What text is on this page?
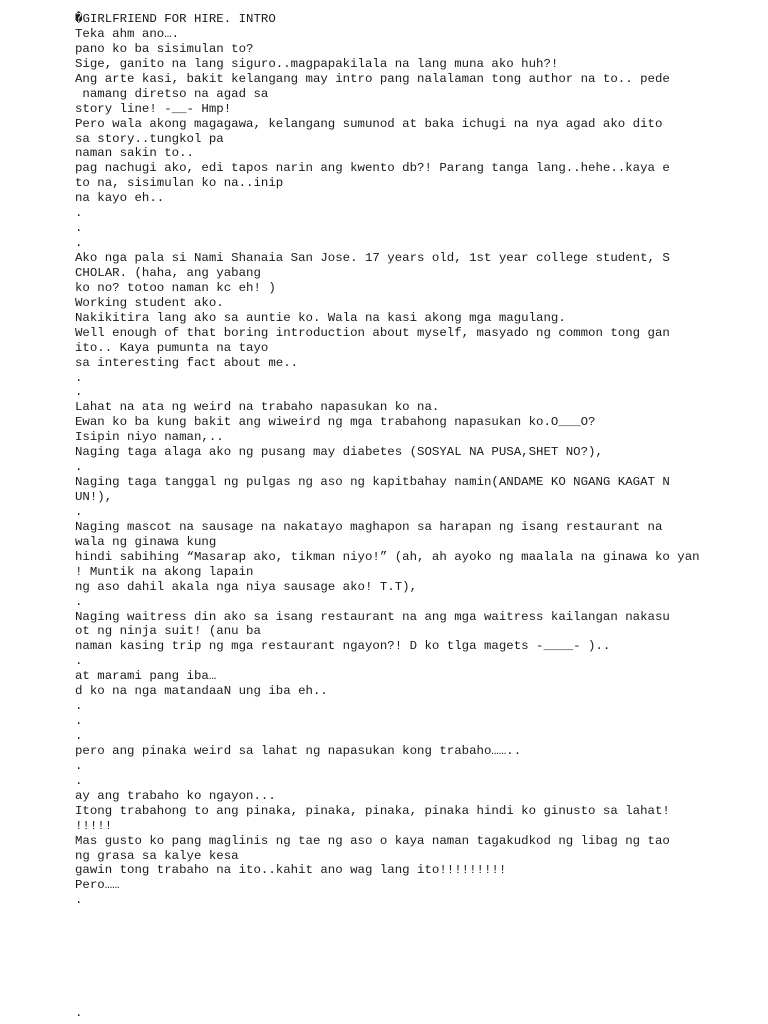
�GIRLFRIEND FOR HIRE. INTRO
Teka ahm ano….
pano ko ba sisimulan to?
Sige, ganito na lang siguro..magpapakilala na lang muna ako huh?!
Ang arte kasi, bakit kelangang may intro pang nalalaman tong author na to.. pede
namang diretso na agad sa
story line! -__- Hmp!
Pero wala akong magagawa, kelangang sumunod at baka ichugi na nya agad ako dito
sa story..tungkol pa
naman sakin to..
pag nachugi ako, edi tapos narin ang kwento db?! Parang tanga lang..hehe..kaya e
to na, sisimulan ko na..inip
na kayo eh..
.
.
.
Ako nga pala si Nami Shanaia San Jose. 17 years old, 1st year college student, S
CHOLAR. (haha, ang yabang
ko no? totoo naman kc eh! )
Working student ako.
Nakikitira lang ako sa auntie ko. Wala na kasi akong mga magulang.
Well enough of that boring introduction about myself, masyado ng common tong gan
ito.. Kaya pumunta na tayo
sa interesting fact about me..
.
.
Lahat na ata ng weird na trabaho napasukan ko na.
Ewan ko ba kung bakit ang wiweird ng mga trabahong napasukan ko.O___O?
Isipin niyo naman,..
Naging taga alaga ako ng pusang may diabetes (SOSYAL NA PUSA,SHET NO?),
.
Naging taga tanggal ng pulgas ng aso ng kapitbahay namin(ANDAME KO NGANG KAGAT N
UN!),
.
Naging mascot na sausage na nakatayo maghapon sa harapan ng isang restaurant na
wala ng ginawa kung
hindi sabihing “Masarap ako, tikman niyo!” (ah, ah ayoko ng maalala na ginawa ko yan
! Muntik na akong lapain
ng aso dahil akala nga niya sausage ako! T.T),
.
Naging waitress din ako sa isang restaurant na ang mga waitress kailangan nakasu
ot ng ninja suit! (anu ba
naman kasing trip ng mga restaurant ngayon?! D ko tlga magets -____- )..
.
at marami pang iba…
d ko na nga matandaaN ung iba eh..
.
.
.
pero ang pinaka weird sa lahat ng napasukan kong trabaho……..
.
.
ay ang trabaho ko ngayon...
Itong trabahong to ang pinaka, pinaka, pinaka, pinaka hindi ko ginusto sa lahat!
!!!!!
Mas gusto ko pang maglinis ng tae ng aso o kaya naman tagakudkod ng libag ng tao
ng grasa sa kalye kesa
gawin tong trabaho na ito..kahit ano wag lang ito!!!!!!!!!
Pero……
.
.
